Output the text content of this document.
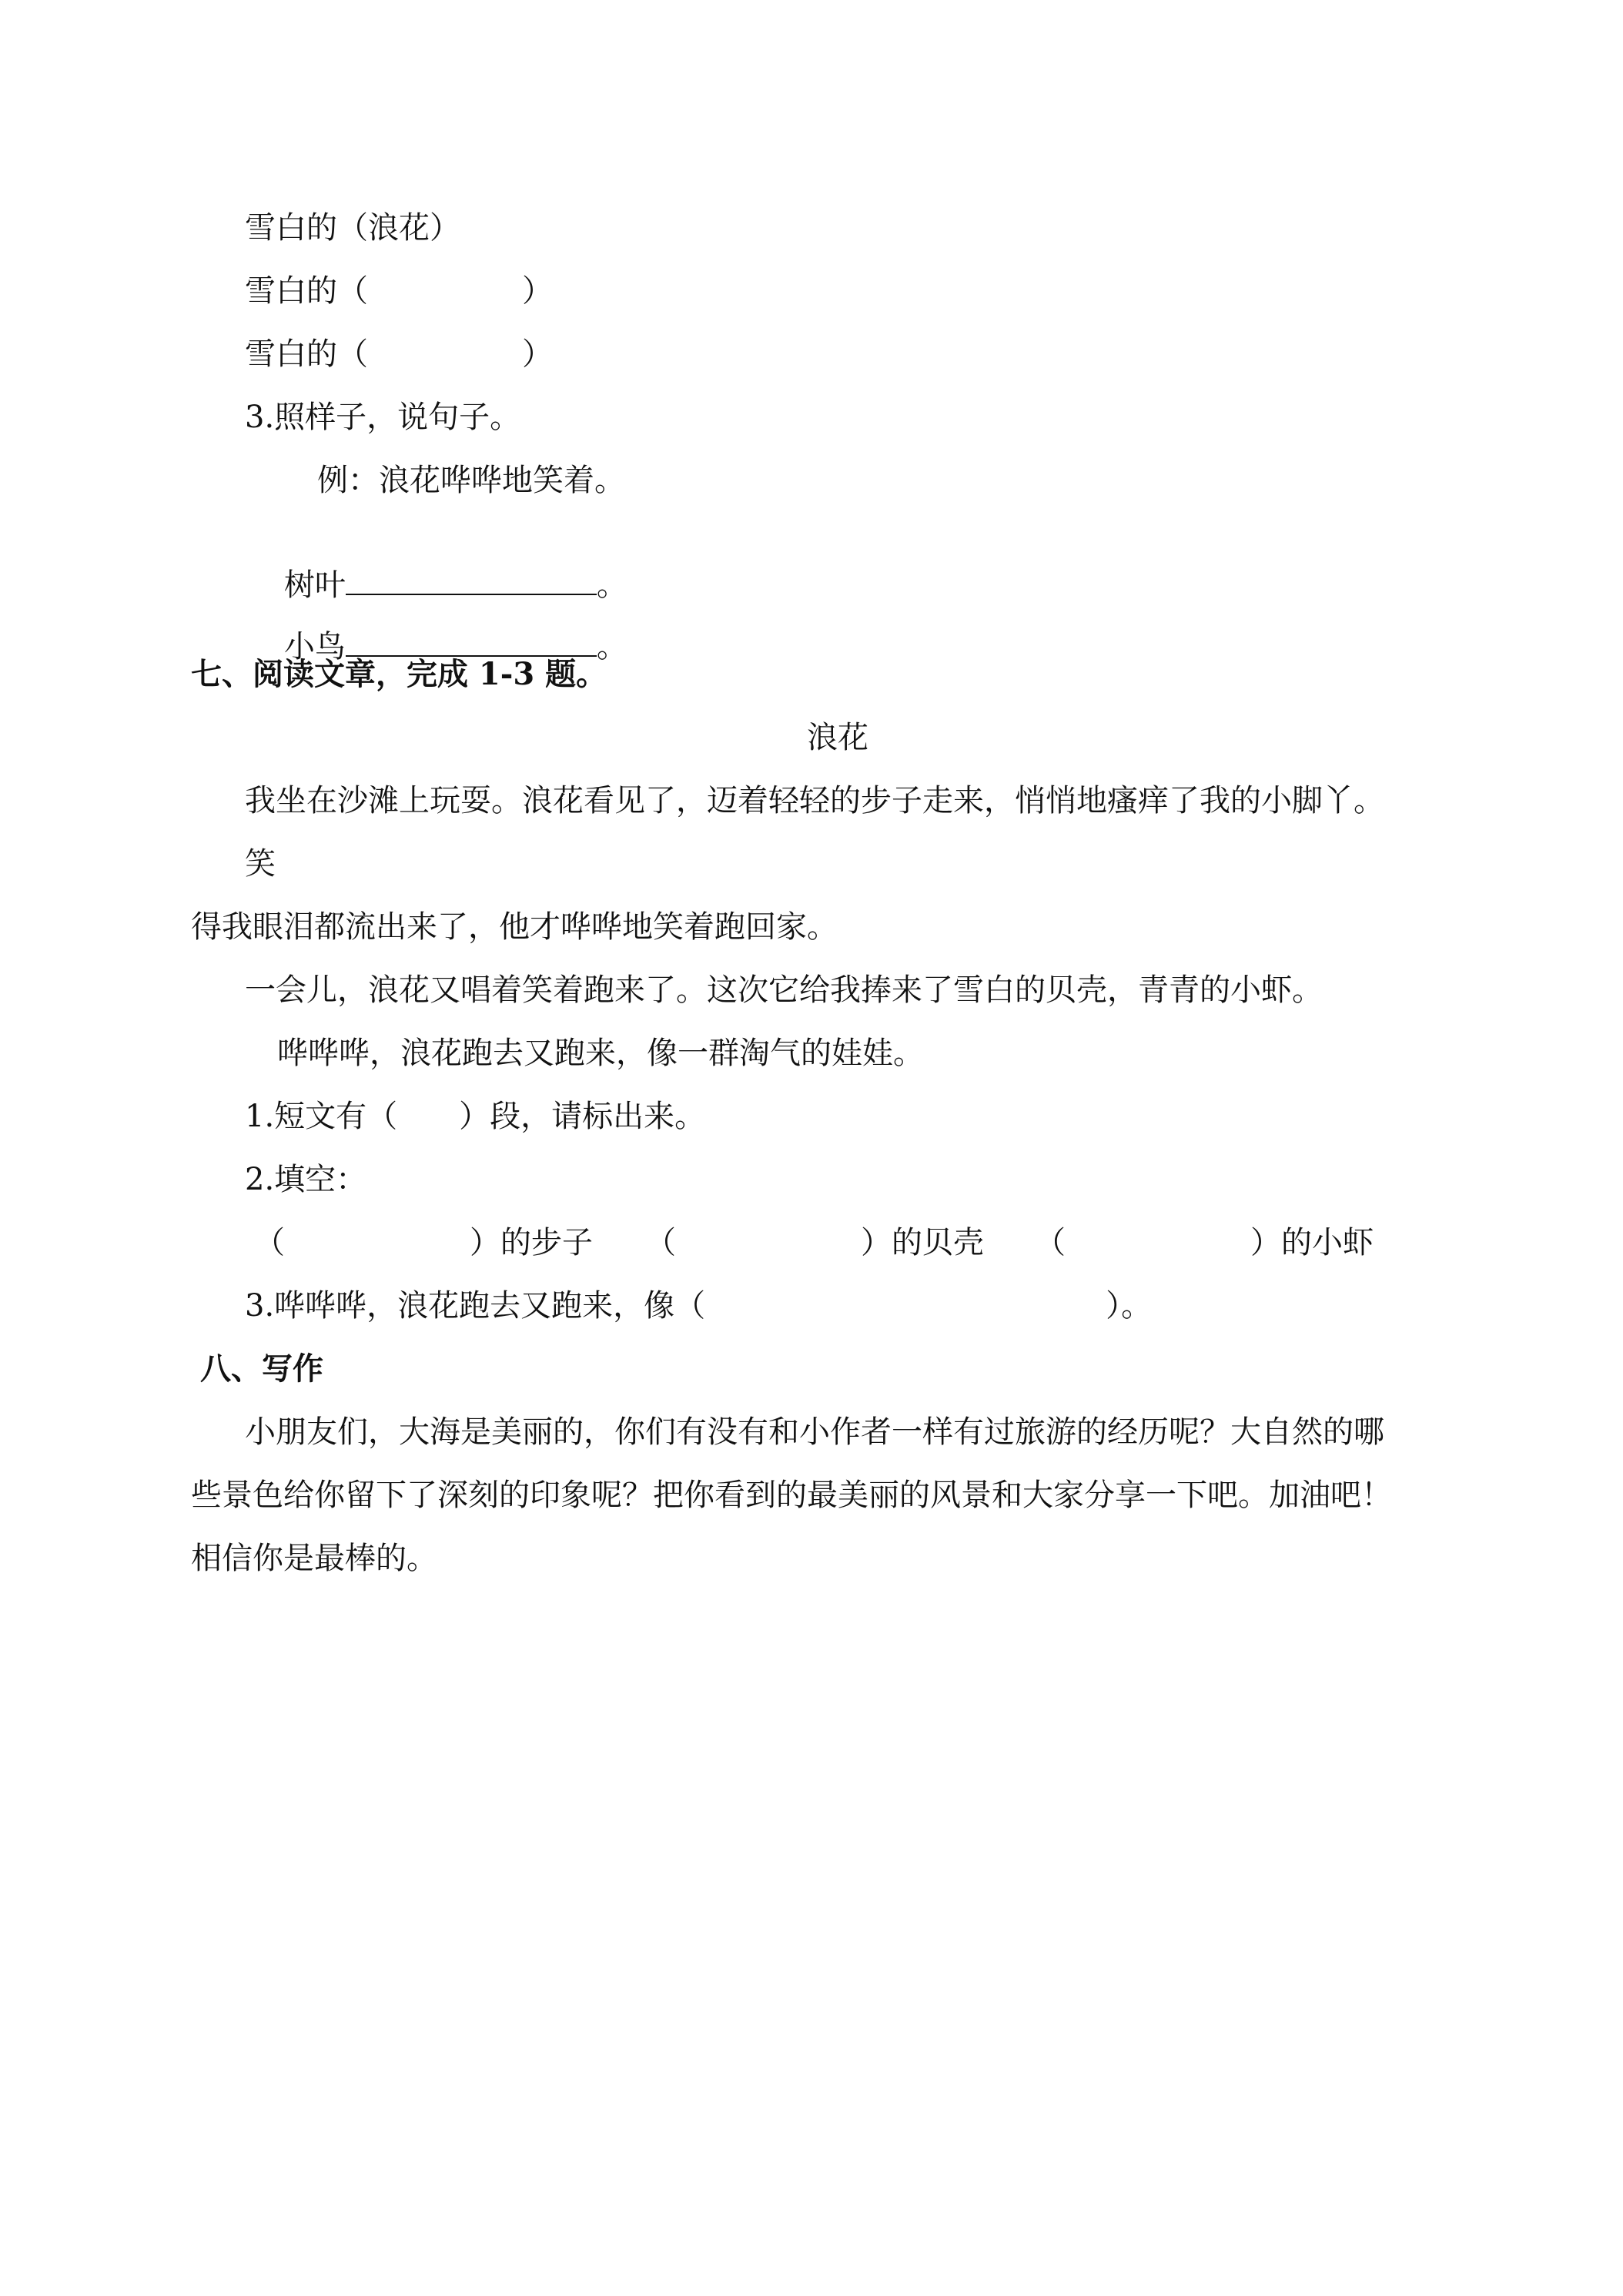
雪白的（浪花）
雪白的（　　　　　）
雪白的（　　　　　）
3.照样子，说句子。
例：浪花哗哗地笑着。

树叶	。

小鸟	。

七、阅读文章，完成 1-3 题。
浪花
我坐在沙滩上玩耍。浪花看见了，迈着轻轻的步子走来，悄悄地瘙痒了我的小脚丫。
笑
得我眼泪都流出来了，他才哗哗地笑着跑回家。
一会儿，浪花又唱着笑着跑来了。这次它给我捧来了雪白的贝壳，青青的小虾。
哗哗哗，浪花跑去又跑来，像一群淘气的娃娃。
1.短文有（　　）段，请标出来。
2.填空：
（　　　　　　）的步子 （　　　　　　）的贝壳 （　　　　　　）的小虾
3.哗哗哗，浪花跑去又跑来，像（　　　　　　　　　　　　　）。
八、写作
小朋友们，大海是美丽的，你们有没有和小作者一样有过旅游的经历呢？大自然的哪
些景色给你留下了深刻的印象呢？把你看到的最美丽的风景和大家分享一下吧。加油吧！
相信你是最棒的。
